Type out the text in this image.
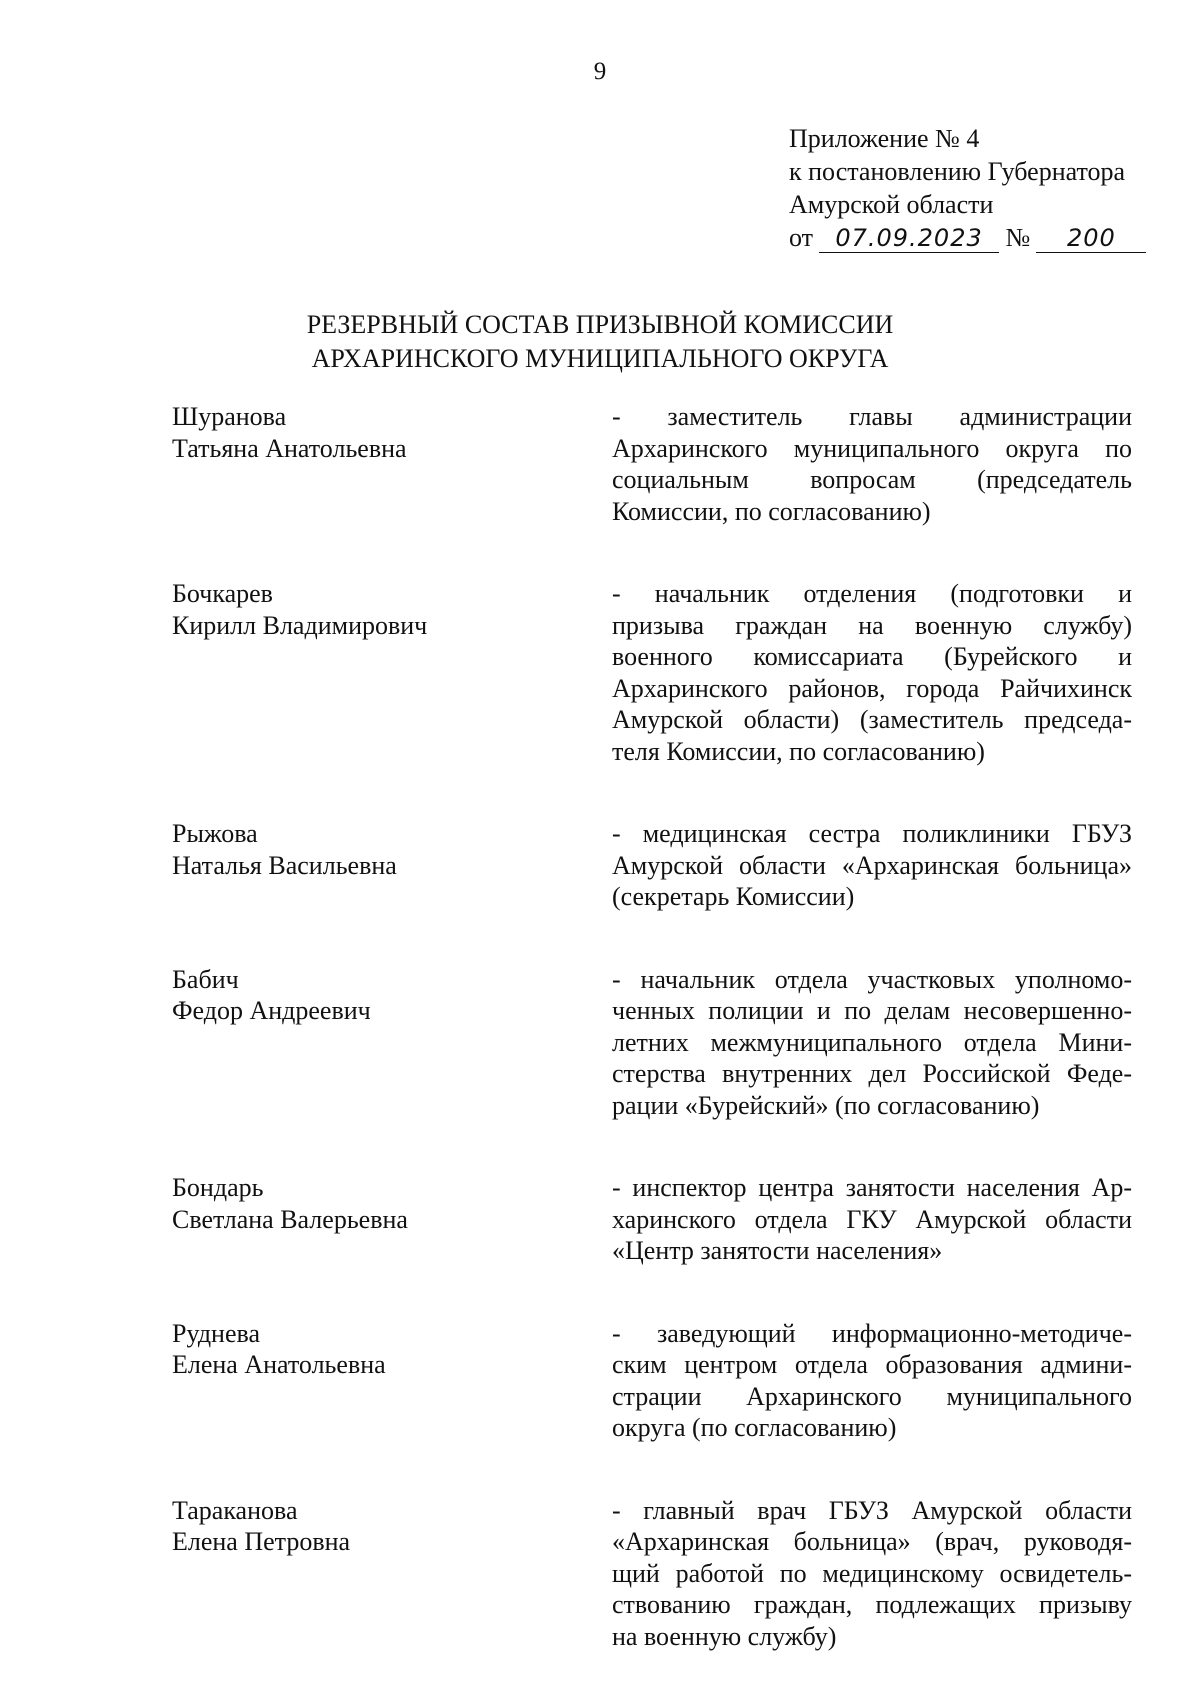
9
Приложение № 4
к постановлению Губернатора
Амурской области
от 07.09.2023 № 200
РЕЗЕРВНЫЙ СОСТАВ ПРИЗЫВНОЙ КОМИССИИ
АРХАРИНСКОГО МУНИЦИПАЛЬНОГО ОКРУГА
Шуранова
Татьяна Анатольевна
- заместитель главы администрации
Архаринского муниципального округа по
социальным вопросам (председатель
Комиссии, по согласованию)
Бочкарев
Кирилл Владимирович
- начальник отделения (подготовки и
призыва граждан на военную службу)
военного комиссариата (Бурейского и
Архаринского районов, города Райчихинск
Амурской области) (заместитель председа-
теля Комиссии, по согласованию)
Рыжова
Наталья Васильевна
- медицинская сестра поликлиники ГБУЗ
Амурской области «Архаринская больница»
(секретарь Комиссии)
Бабич
Федор Андреевич
- начальник отдела участковых уполномо-
ченных полиции и по делам несовершенно-
летних межмуниципального отдела Мини-
стерства внутренних дел Российской Феде-
рации «Бурейский» (по согласованию)
Бондарь
Светлана Валерьевна
- инспектор центра занятости населения Ар-
харинского отдела ГКУ Амурской области
«Центр занятости населения»
Руднева
Елена Анатольевна
- заведующий информационно-методиче-
ским центром отдела образования админи-
страции Архаринского муниципального
округа (по согласованию)
Тараканова
Елена Петровна
- главный врач ГБУЗ Амурской области
«Архаринская больница» (врач, руководя-
щий работой по медицинскому освидетель-
ствованию граждан, подлежащих призыву
на военную службу)
